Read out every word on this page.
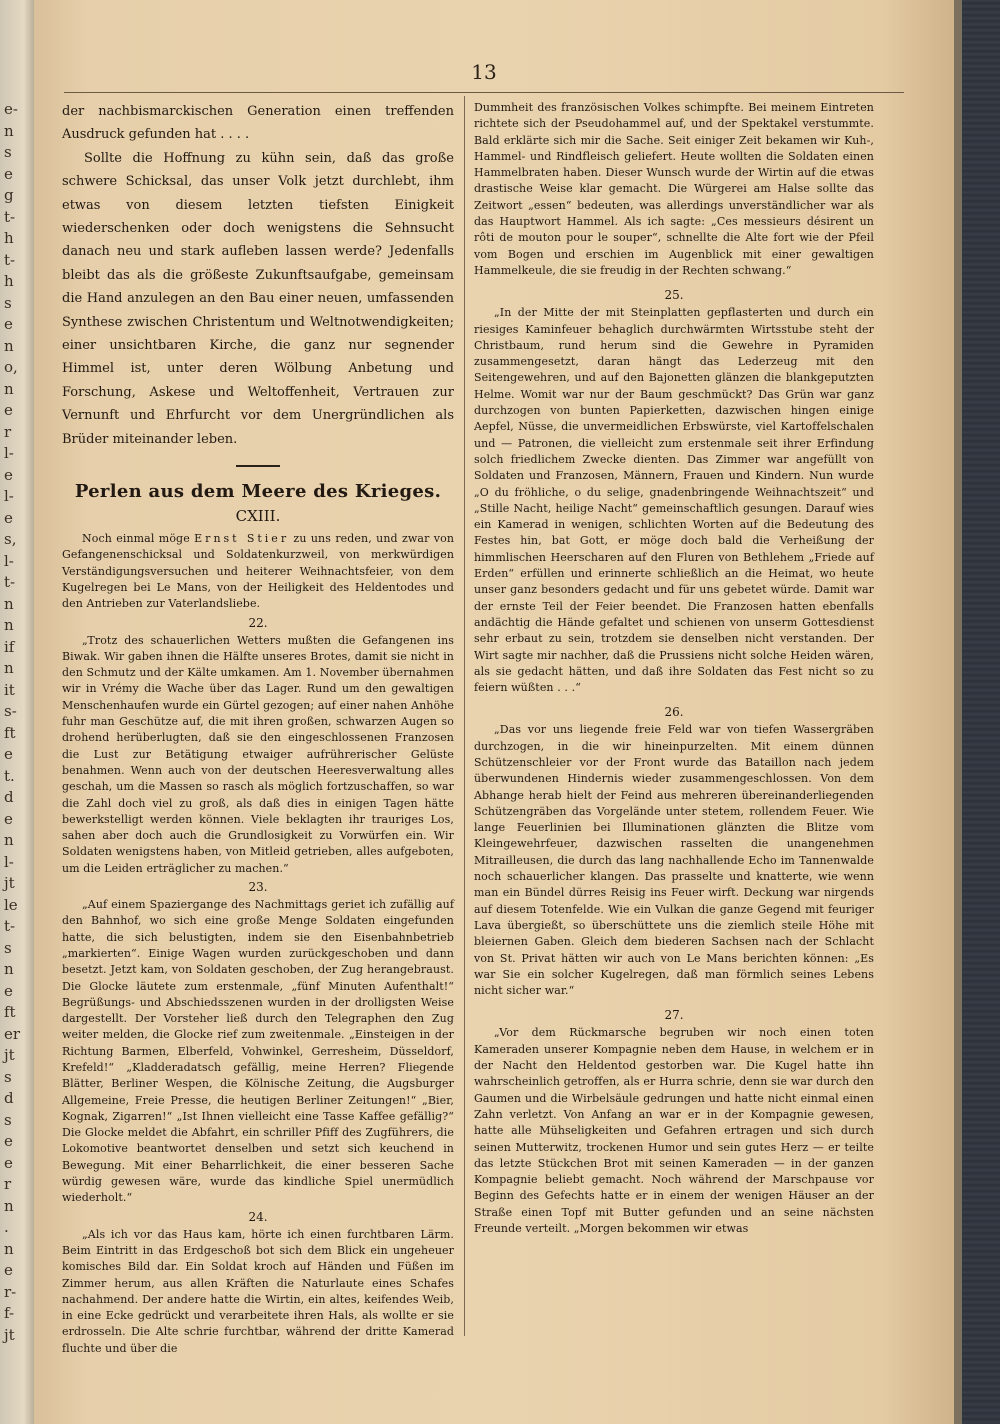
e-
n
s
e
g
t-
h
t-
h
s
e
n
o,
n
e
r
l-
e
l-
e
s,
l-
t-
n
n
if
n
it
s-
ft
e
t.
d
e
n
l-
jt
le
t-
s
n
e
ft
er
jt
s
d
s
e
e
r
n
.
n
e
r-
f-
jt
13

der nachbismarckischen Generation einen treffenden Ausdruck gefunden hat . . . .

Sollte die Hoffnung zu kühn sein, daß das große schwere Schicksal, das unser Volk jetzt durchlebt, ihm etwas von diesem letzten tiefsten Einigkeit wiederschenken oder doch wenigstens die Sehnsucht danach neu und stark aufleben lassen werde? Jedenfalls bleibt das als die größeste Zukunftsaufgabe, gemeinsam die Hand anzulegen an den Bau einer neuen, umfassenden Synthese zwischen Christentum und Weltnotwendigkeiten; einer unsichtbaren Kirche, die ganz nur segnender Himmel ist, unter deren Wölbung Anbetung und Forschung, Askese und Weltoffenheit, Vertrauen zur Vernunft und Ehrfurcht vor dem Unergründlichen als Brüder miteinander leben.

Perlen aus dem Meere des Krieges.

CXIII.

Noch einmal möge Ernst Stier zu uns reden, und zwar von Gefangenenschicksal und Soldatenkurzweil, von merkwürdigen Verständigungsversuchen und heiterer Weihnachtsfeier, von dem Kugelregen bei Le Mans, von der Heiligkeit des Heldentodes und den Antrieben zur Vaterlandsliebe.

22.

„Trotz des schauerlichen Wetters mußten die Gefangenen ins Biwak. Wir gaben ihnen die Hälfte unseres Brotes, damit sie nicht in den Schmutz und der Kälte umkamen. Am 1. November übernahmen wir in Vrémy die Wache über das Lager. Rund um den gewaltigen Menschenhaufen wurde ein Gürtel gezogen; auf einer nahen Anhöhe fuhr man Geschütze auf, die mit ihren großen, schwarzen Augen so drohend herüberlugten, daß sie den eingeschlossenen Franzosen die Lust zur Betätigung etwaiger aufrührerischer Gelüste benahmen. Wenn auch von der deutschen Heeresverwaltung alles geschah, um die Massen so rasch als möglich fortzuschaffen, so war die Zahl doch viel zu groß, als daß dies in einigen Tagen hätte bewerkstelligt werden können. Viele beklagten ihr trauriges Los, sahen aber doch auch die Grundlosigkeit zu Vorwürfen ein. Wir Soldaten wenigstens haben, von Mitleid getrieben, alles aufgeboten, um die Leiden erträglicher zu machen.“

23.

„Auf einem Spaziergange des Nachmittags geriet ich zufällig auf den Bahnhof, wo sich eine große Menge Soldaten eingefunden hatte, die sich belustigten, indem sie den Eisenbahnbetrieb „markierten“. Einige Wagen wurden zurückgeschoben und dann besetzt. Jetzt kam, von Soldaten geschoben, der Zug herangebraust. Die Glocke läutete zum erstenmale, „fünf Minuten Aufenthalt!“ Begrüßungs- und Abschiedsszenen wurden in der drolligsten Weise dargestellt. Der Vorsteher ließ durch den Telegraphen den Zug weiter melden, die Glocke rief zum zweitenmale. „Einsteigen in der Richtung Barmen, Elberfeld, Vohwinkel, Gerresheim, Düsseldorf, Krefeld!“ „Kladderadatsch gefällig, meine Herren? Fliegende Blätter, Berliner Wespen, die Kölnische Zeitung, die Augsburger Allgemeine, Freie Presse, die heutigen Berliner Zeitungen!“ „Bier, Kognak, Zigarren!“ „Ist Ihnen vielleicht eine Tasse Kaffee gefällig?“ Die Glocke meldet die Abfahrt, ein schriller Pfiff des Zugführers, die Lokomotive beantwortet denselben und setzt sich keuchend in Bewegung. Mit einer Beharrlichkeit, die einer besseren Sache würdig gewesen wäre, wurde das kindliche Spiel unermüdlich wiederholt.“

24.

„Als ich vor das Haus kam, hörte ich einen furchtbaren Lärm. Beim Eintritt in das Erdgeschoß bot sich dem Blick ein ungeheuer komisches Bild dar. Ein Soldat kroch auf Händen und Füßen im Zimmer herum, aus allen Kräften die Naturlaute eines Schafes nachahmend. Der andere hatte die Wirtin, ein altes, keifendes Weib, in eine Ecke gedrückt und verarbeitete ihren Hals, als wollte er sie erdrosseln. Die Alte schrie furchtbar, während der dritte Kamerad fluchte und über die

Dummheit des französischen Volkes schimpfte. Bei meinem Eintreten richtete sich der Pseudohammel auf, und der Spektakel verstummte. Bald erklärte sich mir die Sache. Seit einiger Zeit bekamen wir Kuh-, Hammel- und Rindfleisch geliefert. Heute wollten die Soldaten einen Hammelbraten haben. Dieser Wunsch wurde der Wirtin auf die etwas drastische Weise klar gemacht. Die Würgerei am Halse sollte das Zeitwort „essen“ bedeuten, was allerdings unverständlicher war als das Hauptwort Hammel. Als ich sagte: „Ces messieurs désirent un rôti de mouton pour le souper“, schnellte die Alte fort wie der Pfeil vom Bogen und erschien im Augenblick mit einer gewaltigen Hammelkeule, die sie freudig in der Rechten schwang.“

25.

„In der Mitte der mit Steinplatten gepflasterten und durch ein riesiges Kaminfeuer behaglich durchwärmten Wirtsstube steht der Christbaum, rund herum sind die Gewehre in Pyramiden zusammengesetzt, daran hängt das Lederzeug mit den Seitengewehren, und auf den Bajonetten glänzen die blankgeputzten Helme. Womit war nur der Baum geschmückt? Das Grün war ganz durchzogen von bunten Papierketten, dazwischen hingen einige Aepfel, Nüsse, die unvermeidlichen Erbswürste, viel Kartoffelschalen und — Patronen, die vielleicht zum erstenmale seit ihrer Erfindung solch friedlichem Zwecke dienten. Das Zimmer war angefüllt von Soldaten und Franzosen, Männern, Frauen und Kindern. Nun wurde „O du fröhliche, o du selige, gnadenbringende Weihnachtszeit“ und „Stille Nacht, heilige Nacht“ gemeinschaftlich gesungen. Darauf wies ein Kamerad in wenigen, schlichten Worten auf die Bedeutung des Festes hin, bat Gott, er möge doch bald die Verheißung der himmlischen Heerscharen auf den Fluren von Bethlehem „Friede auf Erden“ erfüllen und erinnerte schließlich an die Heimat, wo heute unser ganz besonders gedacht und für uns gebetet würde. Damit war der ernste Teil der Feier beendet. Die Franzosen hatten ebenfalls andächtig die Hände gefaltet und schienen von unserm Gottesdienst sehr erbaut zu sein, trotzdem sie denselben nicht verstanden. Der Wirt sagte mir nachher, daß die Prussiens nicht solche Heiden wären, als sie gedacht hätten, und daß ihre Soldaten das Fest nicht so zu feiern wüßten . . .“

26.

„Das vor uns liegende freie Feld war von tiefen Wassergräben durchzogen, in die wir hineinpurzelten. Mit einem dünnen Schützenschleier vor der Front wurde das Bataillon nach jedem überwundenen Hindernis wieder zusammengeschlossen. Von dem Abhange herab hielt der Feind aus mehreren übereinanderliegenden Schützengräben das Vorgelände unter stetem, rollendem Feuer. Wie lange Feuerlinien bei Illuminationen glänzten die Blitze vom Kleingewehrfeuer, dazwischen rasselten die unangenehmen Mitrailleusen, die durch das lang nachhallende Echo im Tannenwalde noch schauerlicher klangen. Das prasselte und knatterte, wie wenn man ein Bündel dürres Reisig ins Feuer wirft. Deckung war nirgends auf diesem Totenfelde. Wie ein Vulkan die ganze Gegend mit feuriger Lava übergießt, so überschüttete uns die ziemlich steile Höhe mit bleiernen Gaben. Gleich dem biederen Sachsen nach der Schlacht von St. Privat hätten wir auch von Le Mans berichten können: „Es war Sie ein solcher Kugelregen, daß man förmlich seines Lebens nicht sicher war.“

27.

„Vor dem Rückmarsche begruben wir noch einen toten Kameraden unserer Kompagnie neben dem Hause, in welchem er in der Nacht den Heldentod gestorben war. Die Kugel hatte ihn wahrscheinlich getroffen, als er Hurra schrie, denn sie war durch den Gaumen und die Wirbelsäule gedrungen und hatte nicht einmal einen Zahn verletzt. Von Anfang an war er in der Kompagnie gewesen, hatte alle Mühseligkeiten und Gefahren ertragen und sich durch seinen Mutterwitz, trockenen Humor und sein gutes Herz — er teilte das letzte Stückchen Brot mit seinen Kameraden — in der ganzen Kompagnie beliebt gemacht. Noch während der Marschpause vor Beginn des Gefechts hatte er in einem der wenigen Häuser an der Straße einen Topf mit Butter gefunden und an seine nächsten Freunde verteilt. „Morgen bekommen wir etwas
